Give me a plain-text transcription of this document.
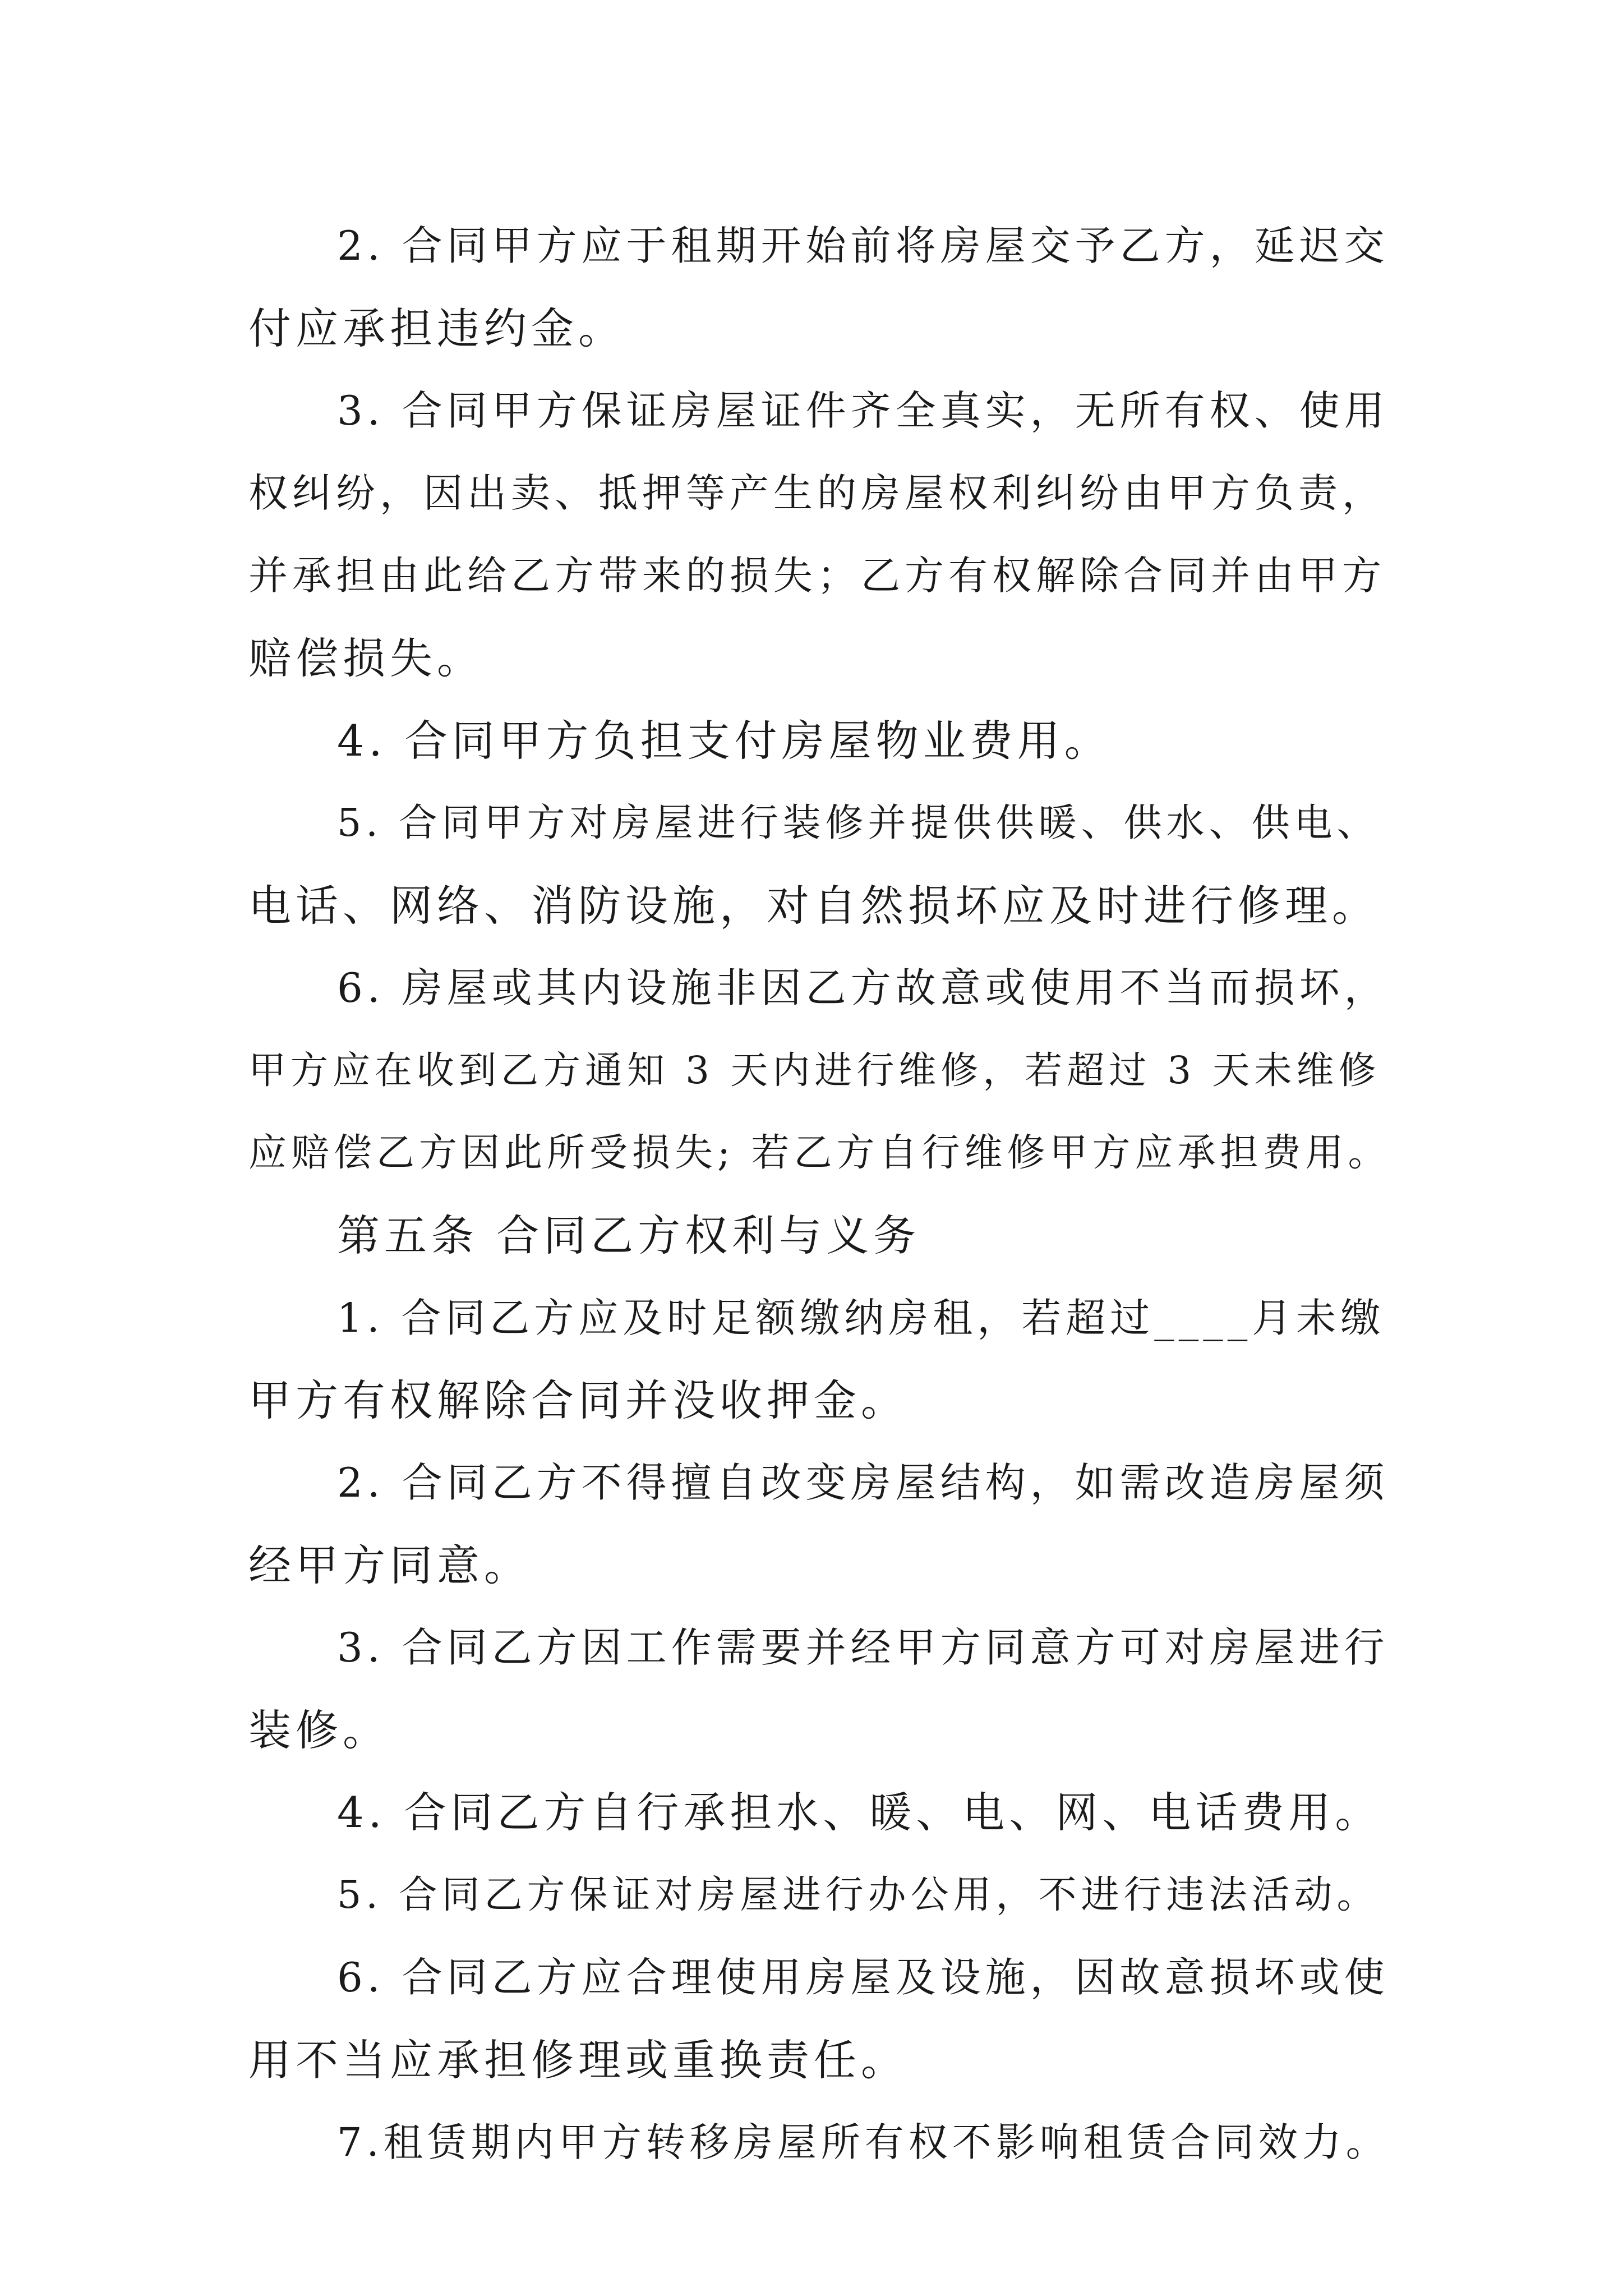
2. 合同甲方应于租期开始前将房屋交予乙方，延迟交
付应承担违约金。
3. 合同甲方保证房屋证件齐全真实，无所有权、使用
权纠纷，因出卖、抵押等产生的房屋权利纠纷由甲方负责，
并承担由此给乙方带来的损失；乙方有权解除合同并由甲方
赔偿损失。
4. 合同甲方负担支付房屋物业费用。
5. 合同甲方对房屋进行装修并提供供暖、供水、供电、
电话、网络、消防设施，对自然损坏应及时进行修理。
6. 房屋或其内设施非因乙方故意或使用不当而损坏，
甲方应在收到乙方通知 3 天内进行维修，若超过 3 天未维修
应赔偿乙方因此所受损失; 若乙方自行维修甲方应承担费用。
第五条 合同乙方权利与义务
1. 合同乙方应及时足额缴纳房租，若超过____月未缴
甲方有权解除合同并没收押金。
2. 合同乙方不得擅自改变房屋结构，如需改造房屋须
经甲方同意。
3. 合同乙方因工作需要并经甲方同意方可对房屋进行
装修。
4. 合同乙方自行承担水、暖、电、网、电话费用。
5. 合同乙方保证对房屋进行办公用，不进行违法活动。
6. 合同乙方应合理使用房屋及设施，因故意损坏或使
用不当应承担修理或重换责任。
7.租赁期内甲方转移房屋所有权不影响租赁合同效力。
